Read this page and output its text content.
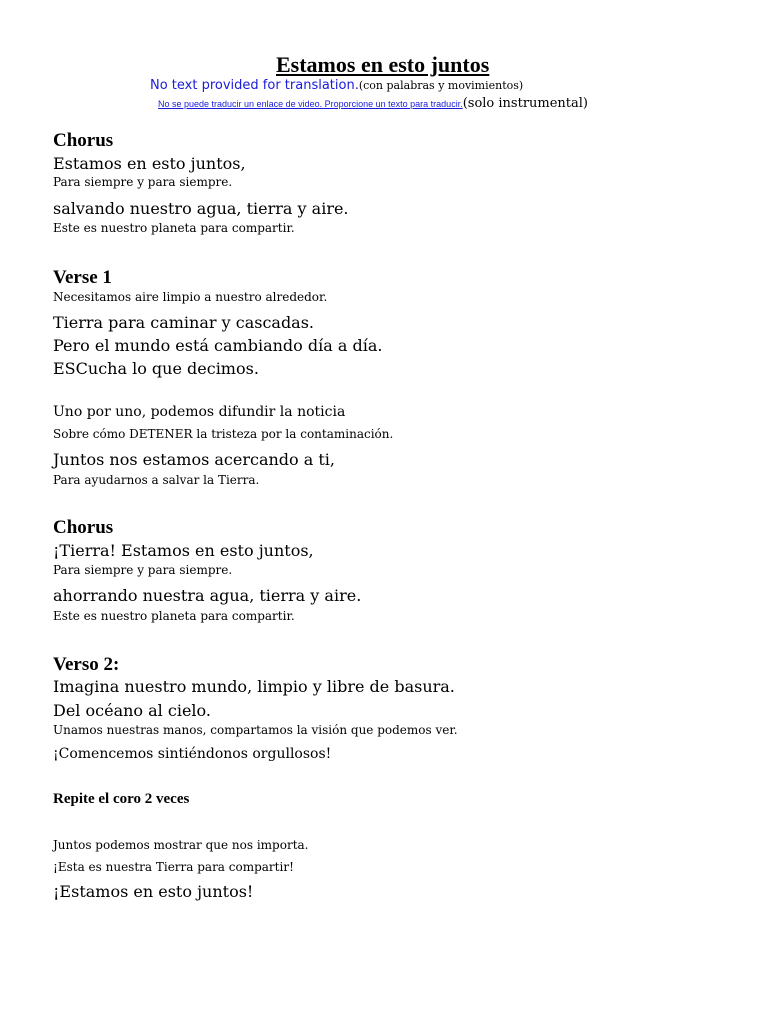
Estamos en esto juntos
No text provided for translation.(con palabras y movimientos)
No se puede traducir un enlace de video. Proporcione un texto para traducir.(solo instrumental)
Chorus
Estamos en esto juntos,
Para siempre y para siempre.
salvando nuestro agua, tierra y aire.
Este es nuestro planeta para compartir.
Verse 1
Necesitamos aire limpio a nuestro alrededor.
Tierra para caminar y cascadas.
Pero el mundo está cambiando día a día.
ESCucha lo que decimos.
Uno por uno, podemos difundir la noticia
Sobre cómo DETENER la tristeza por la contaminación.
Juntos nos estamos acercando a ti,
Para ayudarnos a salvar la Tierra.
Chorus
¡Tierra! Estamos en esto juntos,
Para siempre y para siempre.
ahorrando nuestra agua, tierra y aire.
Este es nuestro planeta para compartir.
Verso 2:
Imagina nuestro mundo, limpio y libre de basura.
Del océano al cielo.
Unamos nuestras manos, compartamos la visión que podemos ver.
¡Comencemos sintiéndonos orgullosos!
Repite el coro 2 veces
Juntos podemos mostrar que nos importa.
¡Esta es nuestra Tierra para compartir!
¡Estamos en esto juntos!
